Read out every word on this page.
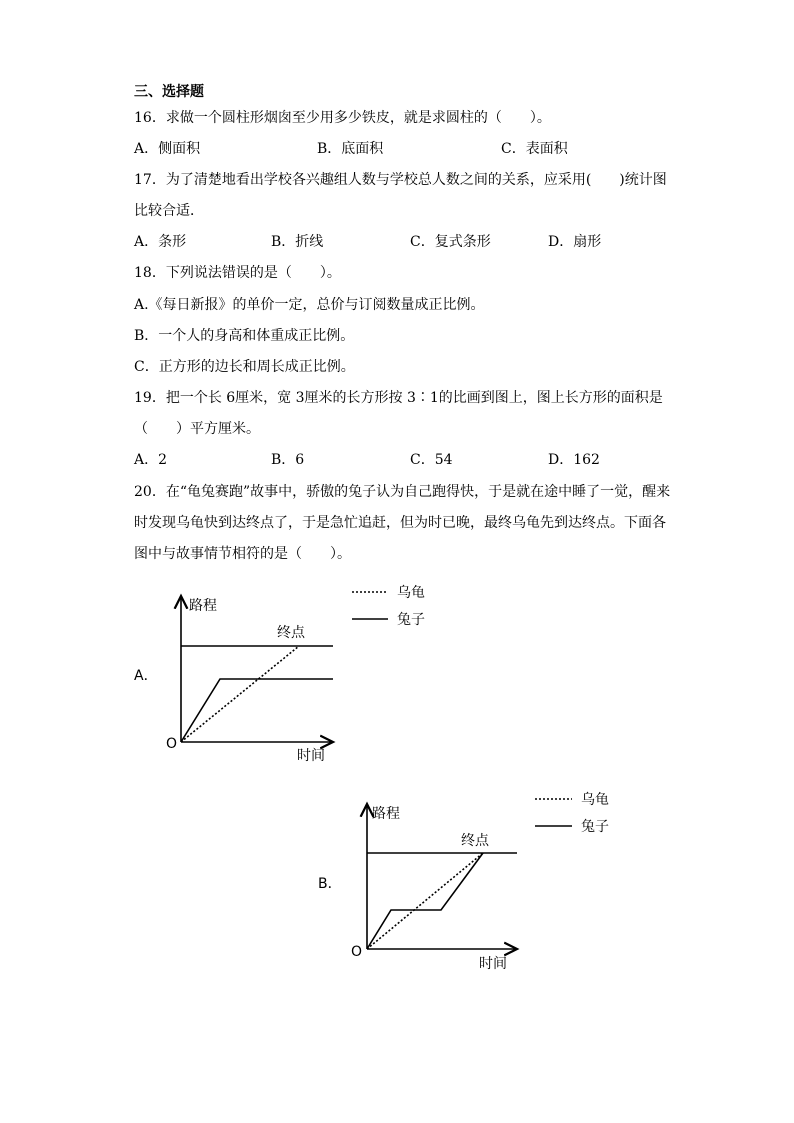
三、选择题
16．求做一个圆柱形烟囱至少用多少铁皮，就是求圆柱的（　　）。
A．侧面积	B．底面积	C．表面积
17．为了清楚地看出学校各兴趣组人数与学校总人数之间的关系，应采用(　　)统计图
比较合适．
A．条形	B．折线	C．复式条形	D．扇形
18．下列说法错误的是（　　）。
A.《每日新报》的单价一定，总价与订阅数量成正比例。
B．一个人的身高和体重成正比例。
C．正方形的边长和周长成正比例。
19．把一个长 6厘米，宽 3厘米的长方形按 3∶1的比画到图上，图上长方形的面积是
（　　）平方厘米。
A．2	B．6	C．54	D．162
20．在“龟兔赛跑”故事中，骄傲的兔子认为自己跑得快，于是就在途中睡了一觉，醒来
时发现乌龟快到达终点了，于是急忙追赶，但为时已晚，最终乌龟先到达终点。下面各
图中与故事情节相符的是（　　）。
A．
路程
时间
O
终点
乌龟
兔子
B．
路程
时间
O
终点
乌龟
兔子
